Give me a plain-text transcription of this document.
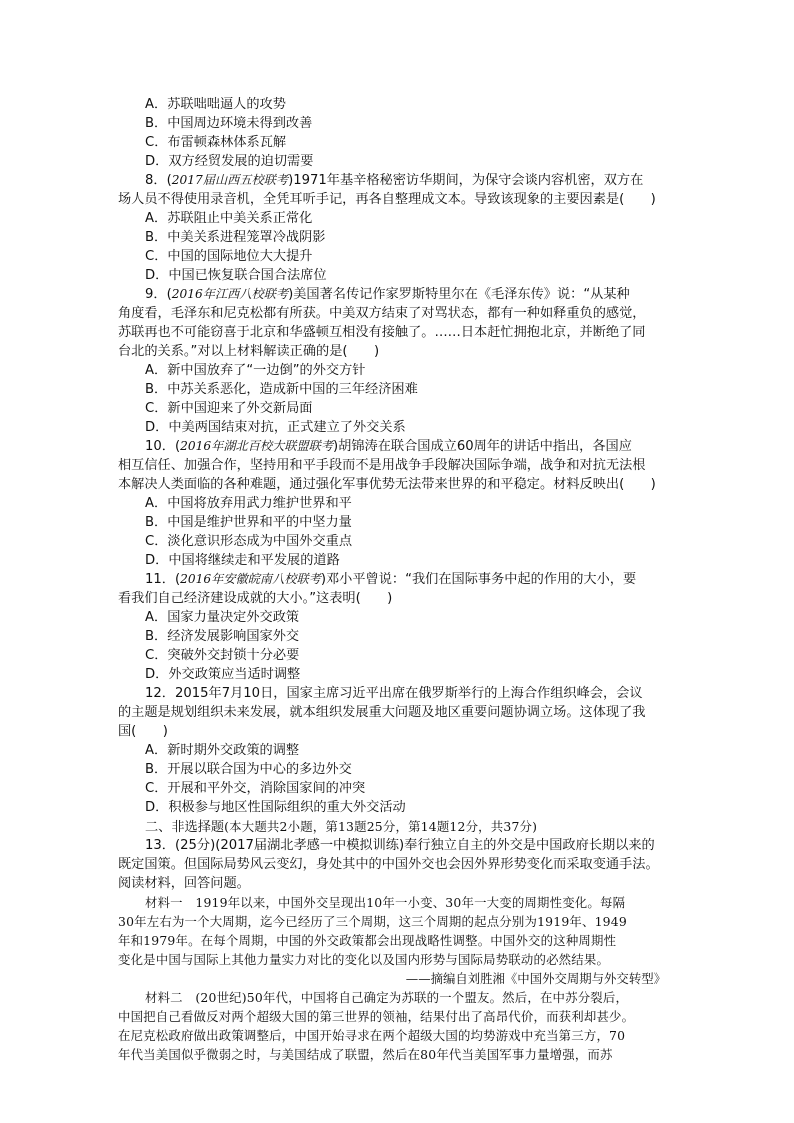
A．苏联咄咄逼人的攻势
B．中国周边环境未得到改善
C．布雷顿森林体系瓦解
D．双方经贸发展的迫切需要
8．(2017届山西五校联考)1971年基辛格秘密访华期间，为保守会谈内容机密，双方在
场人员不得使用录音机，全凭耳听手记，再各自整理成文本。导致该现象的主要因素是(　　)
A．苏联阻止中美关系正常化
B．中美关系进程笼罩冷战阴影
C．中国的国际地位大大提升
D．中国已恢复联合国合法席位
9．(2016年江西八校联考)美国著名传记作家罗斯特里尔在《毛泽东传》说：“从某种
角度看，毛泽东和尼克松都有所获。中美双方结束了对骂状态，都有一种如释重负的感觉，
苏联再也不可能窃喜于北京和华盛顿互相没有接触了。……日本赶忙拥抱北京，并断绝了同
台北的关系。”对以上材料解读正确的是(　　)
A．新中国放弃了“一边倒”的外交方针
B．中苏关系恶化，造成新中国的三年经济困难
C．新中国迎来了外交新局面
D．中美两国结束对抗，正式建立了外交关系
10．(2016年湖北百校大联盟联考)胡锦涛在联合国成立60周年的讲话中指出，各国应
相互信任、加强合作，坚持用和平手段而不是用战争手段解决国际争端，战争和对抗无法根
本解决人类面临的各种难题，通过强化军事优势无法带来世界的和平稳定。材料反映出(　　)
A．中国将放弃用武力维护世界和平
B．中国是维护世界和平的中坚力量
C．淡化意识形态成为中国外交重点
D．中国将继续走和平发展的道路
11．(2016年安徽皖南八校联考)邓小平曾说：“我们在国际事务中起的作用的大小，要
看我们自己经济建设成就的大小。”这表明(　　)
A．国家力量决定外交政策
B．经济发展影响国家外交
C．突破外交封锁十分必要
D．外交政策应当适时调整
12．2015年7月10日，国家主席习近平出席在俄罗斯举行的上海合作组织峰会，会议
的主题是规划组织未来发展，就本组织发展重大问题及地区重要问题协调立场。这体现了我
国(　　)
A．新时期外交政策的调整
B．开展以联合国为中心的多边外交
C．开展和平外交，消除国家间的冲突
D．积极参与地区性国际组织的重大外交活动
二、非选择题(本大题共2小题，第13题25分，第14题12分，共37分)
13．(25分)(2017届湖北孝感一中模拟训练)奉行独立自主的外交是中国政府长期以来的
既定国策。但国际局势风云变幻，身处其中的中国外交也会因外界形势变化而采取变通手法。
阅读材料，回答问题。
材料一　1919年以来，中国外交呈现出10年一小变、30年一大变的周期性变化。每隔
30年左右为一个大周期，迄今已经历了三个周期，这三个周期的起点分别为1919年、1949
年和1979年。在每个周期，中国的外交政策都会出现战略性调整。中国外交的这种周期性
变化是中国与国际上其他力量实力对比的变化以及国内形势与国际局势联动的必然结果。
——摘编自刘胜湘《中国外交周期与外交转型》
材料二　(20世纪)50年代，中国将自己确定为苏联的一个盟友。然后，在中苏分裂后，
中国把自己看做反对两个超级大国的第三世界的领袖，结果付出了高昂代价，而获利却甚少。
在尼克松政府做出政策调整后，中国开始寻求在两个超级大国的均势游戏中充当第三方，70
年代当美国似乎微弱之时，与美国结成了联盟，然后在80年代当美国军事力量增强，而苏
